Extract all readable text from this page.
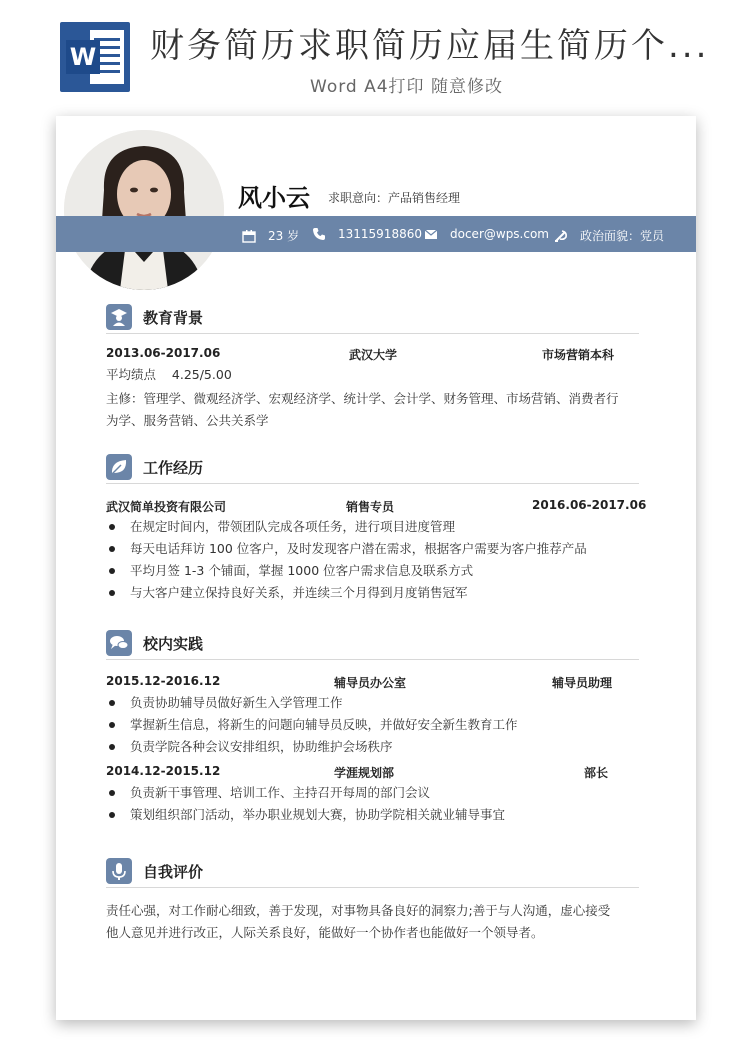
W 财务简历求职简历应届生简历个...
Word A4打印 随意修改
风小云 求职意向：产品销售经理
23 岁	13115918860 docer@wps.com	政治面貌：党员
教育背景
2013.06-2017.06	武汉大学	市场营销本科
平均绩点    4.25/5.00
主修：管理学、微观经济学、宏观经济学、统计学、会计学、财务管理、市场营销、消费者行
为学、服务营销、公共关系学
工作经历
武汉简单投资有限公司	销售专员	2016.06-2017.06
在规定时间内，带领团队完成各项任务，进行项目进度管理
每天电话拜访 100 位客户，及时发现客户潜在需求，根据客户需要为客户推荐产品
平均月签 1-3 个铺面，掌握 1000 位客户需求信息及联系方式
与大客户建立保持良好关系，并连续三个月得到月度销售冠军
校内实践
2015.12-2016.12	辅导员办公室	辅导员助理
负责协助辅导员做好新生入学管理工作
掌握新生信息，将新生的问题向辅导员反映，并做好安全新生教育工作
负责学院各种会议安排组织，协助维护会场秩序
2014.12-2015.12	学涯规划部	部长
负责新干事管理、培训工作、主持召开每周的部门会议
策划组织部门活动，举办职业规划大赛，协助学院相关就业辅导事宜
自我评价
责任心强，对工作耐心细致，善于发现，对事物具备良好的洞察力;善于与人沟通，虚心接受
他人意见并进行改正，人际关系良好，能做好一个协作者也能做好一个领导者。
